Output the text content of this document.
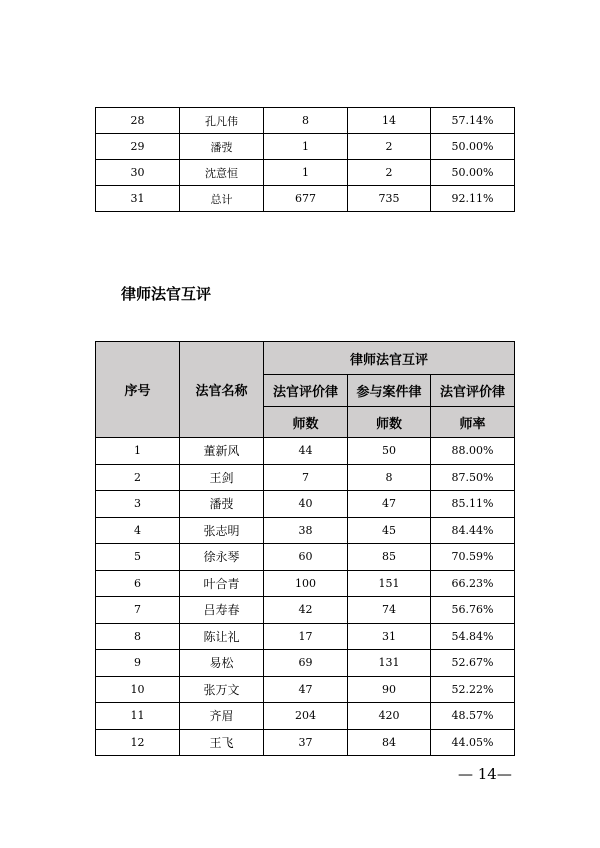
28	孔凡伟	8	14	57.14%
29	潘弢	1	2	50.00%
30	沈意恒	1	2	50.00%
31	总计	677	735	92.11%
律师法官互评
序号	法官名称	律师法官互评		
		法官评价律	参与案件律	法官评价律
		师数	师数	师率
1	董新风	44	50	88.00%
2	王剑	7	8	87.50%
3	潘弢	40	47	85.11%
4	张志明	38	45	84.44%
5	徐永琴	60	85	70.59%
6	叶合青	100	151	66.23%
7	吕寿春	42	74	56.76%
8	陈让礼	17	31	54.84%
9	易松	69	131	52.67%
10	张万文	47	90	52.22%
11	齐眉	204	420	48.57%
12	王飞	37	84	44.05%

— 14—
